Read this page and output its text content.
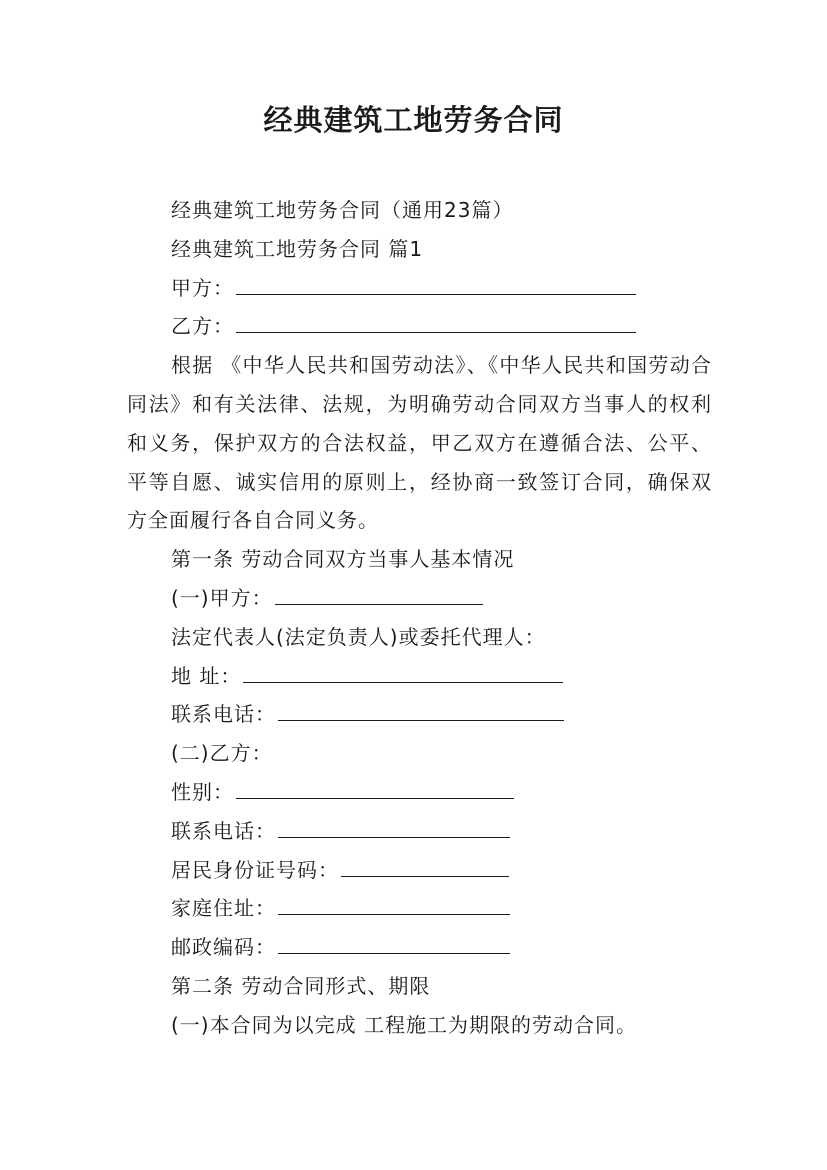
经典建筑工地劳务合同
经典建筑工地劳务合同（通用23篇）
经典建筑工地劳务合同 篇1
甲方：
乙方：
根据 《中华人民共和国劳动法》、《中华人民共和国劳动合同法》和有关法律、法规，为明确劳动合同双方当事人的权利和义务，保护双方的合法权益，甲乙双方在遵循合法、公平、平等自愿、诚实信用的原则上，经协商一致签订合同，确保双方全面履行各自合同义务。
第一条 劳动合同双方当事人基本情况
(一)甲方：
法定代表人(法定负责人)或委托代理人：
地 址：
联系电话：
(二)乙方：
性别：
联系电话：
居民身份证号码：
家庭住址：
邮政编码：
第二条 劳动合同形式、期限
(一)本合同为以完成 工程施工为期限的劳动合同。
